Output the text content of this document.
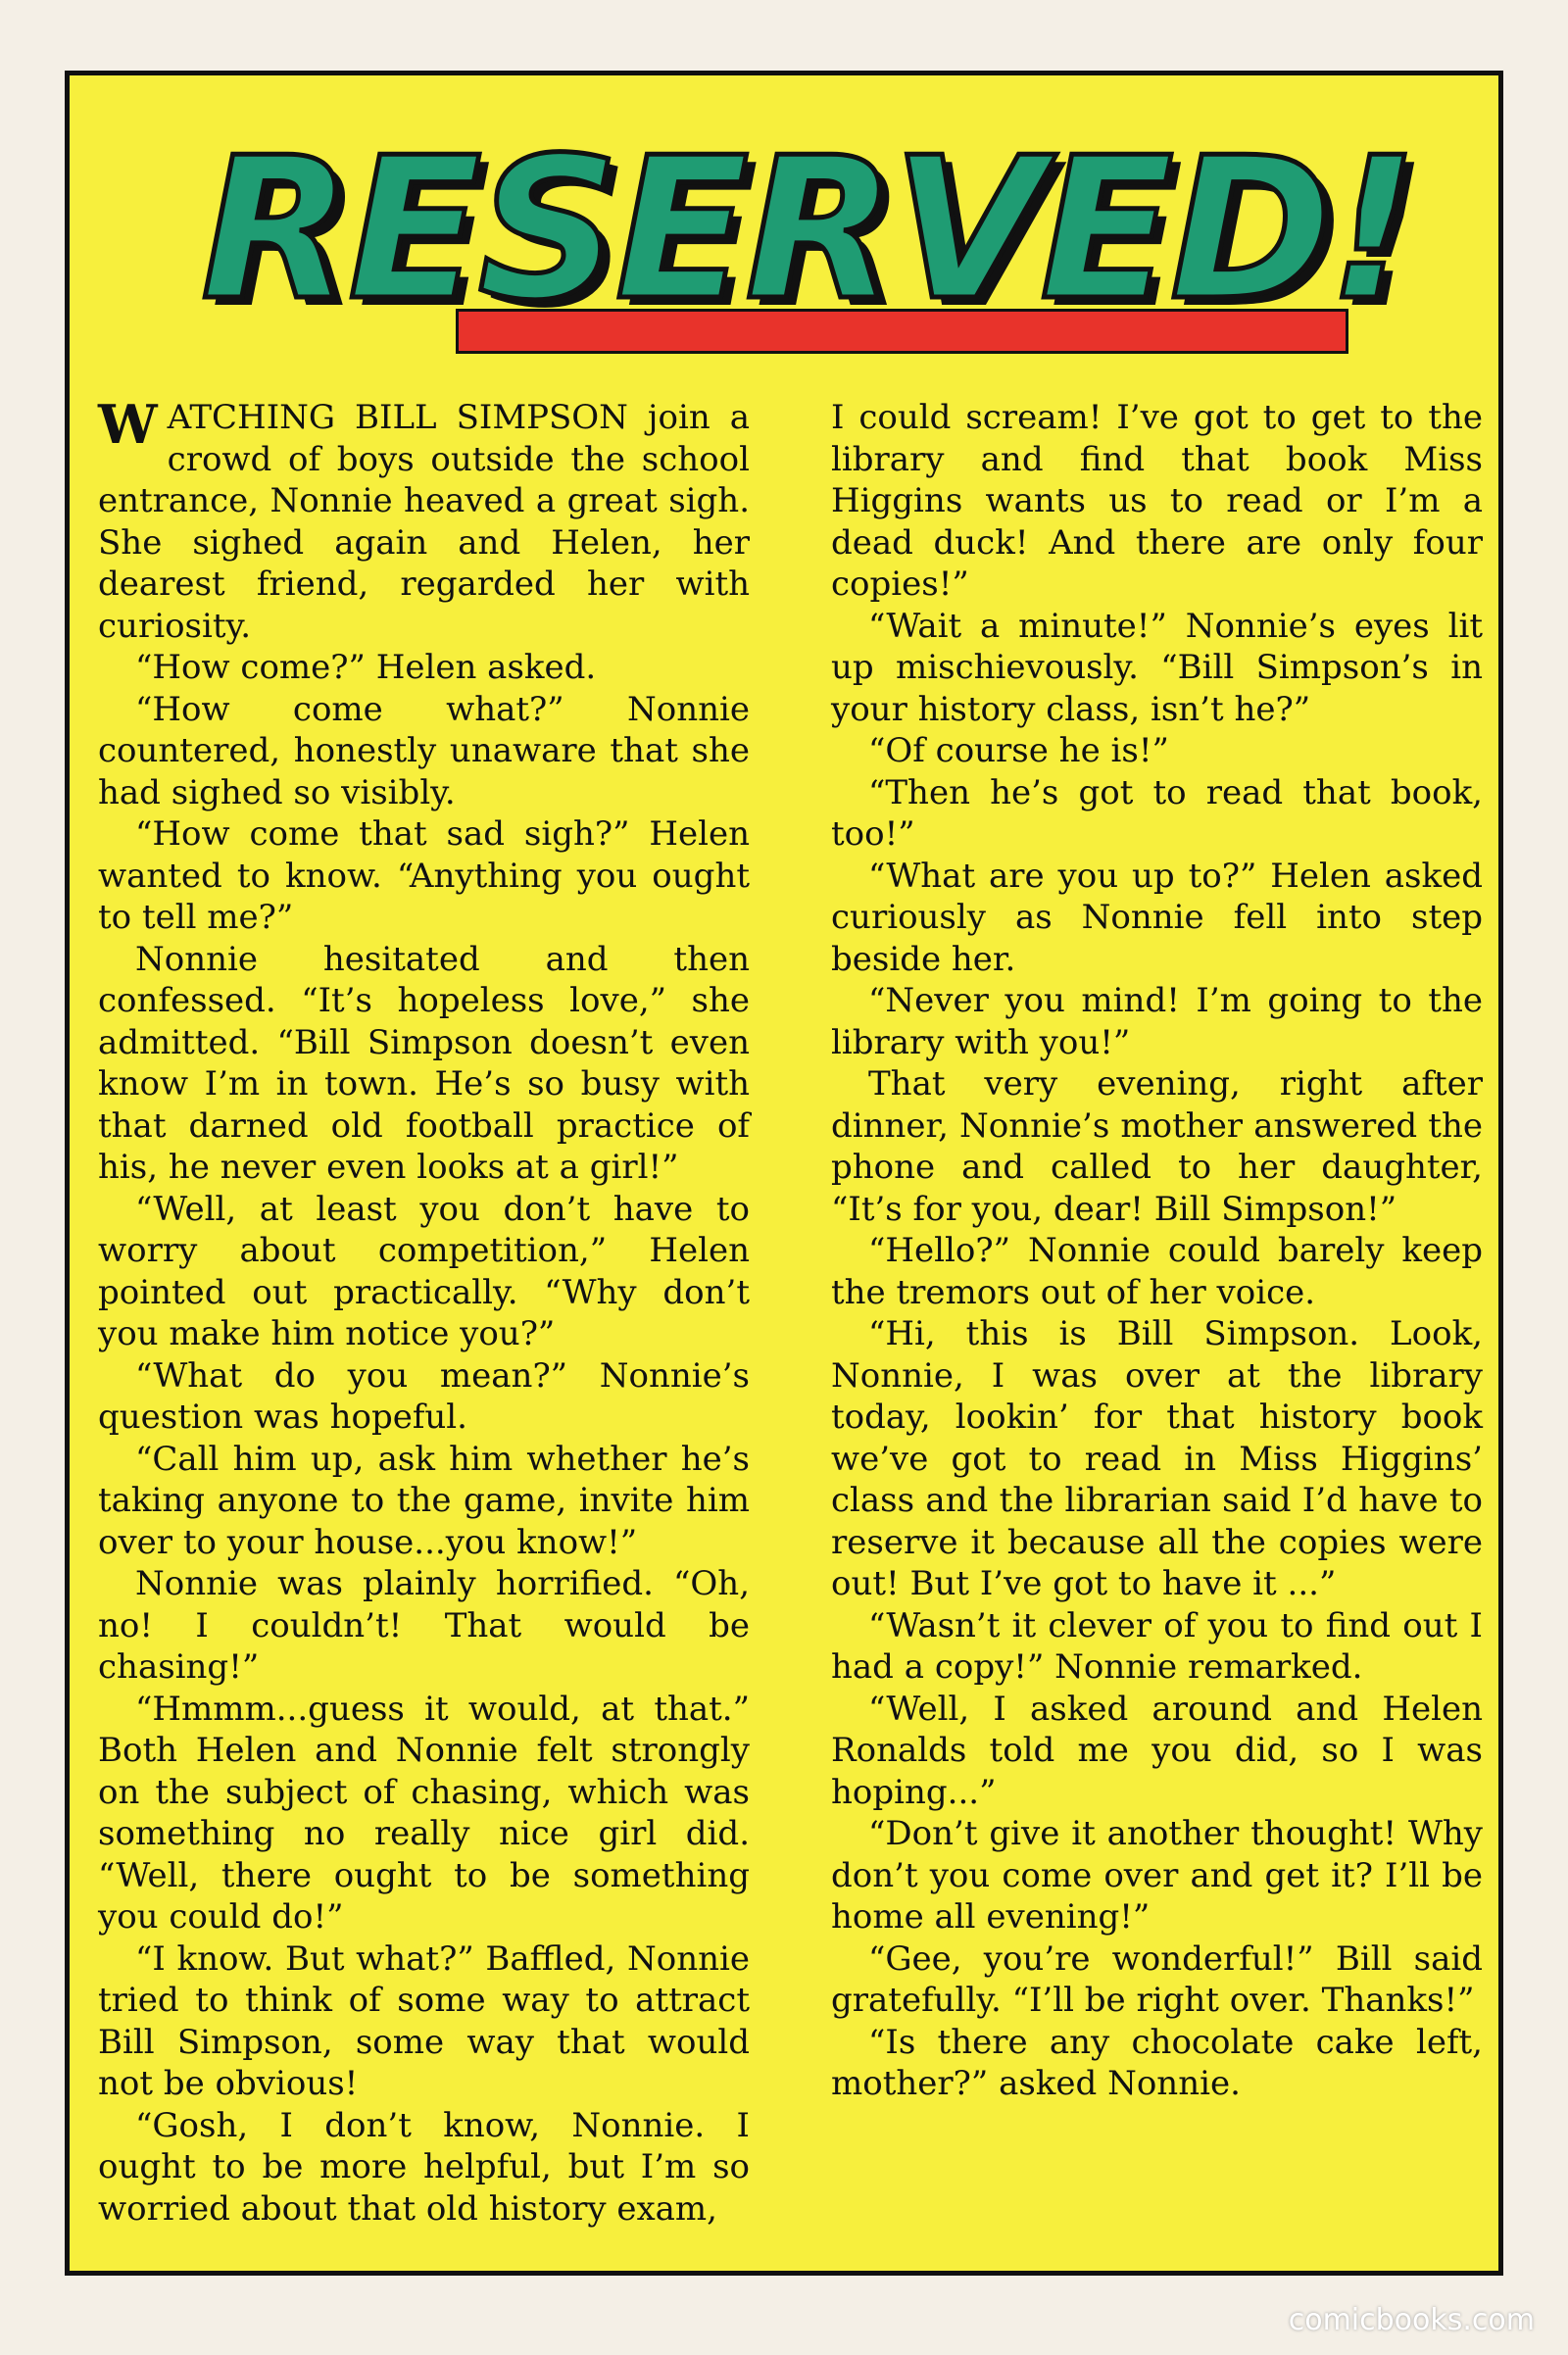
RESERVED!

WATCHING BILL SIMPSON join a crowd of boys outside the school entrance, Nonnie heaved a great sigh. She sighed again and Helen, her dearest friend, regarded her with curiosity.

“How come?” Helen asked.

“How come what?” Nonnie countered, honestly unaware that she had sighed so visibly.

“How come that sad sigh?” Helen wanted to know. “Anything you ought to tell me?”

Nonnie hesitated and then confessed. “It’s hopeless love,” she admitted. “Bill Simpson doesn’t even know I’m in town. He’s so busy with that darned old football practice of his, he never even looks at a girl!”

“Well, at least you don’t have to worry about competition,” Helen pointed out practically. “Why don’t you make him notice you?”

“What do you mean?” Nonnie’s question was hopeful.

“Call him up, ask him whether he’s taking anyone to the game, invite him over to your house...you know!”

Nonnie was plainly horrified. “Oh, no! I couldn’t! That would be chasing!”

“Hmmm...guess it would, at that.” Both Helen and Nonnie felt strongly on the subject of chasing, which was something no really nice girl did. “Well, there ought to be something you could do!”

“I know. But what?” Baffled, Nonnie tried to think of some way to attract Bill Simpson, some way that would not be obvious!

“Gosh, I don’t know, Nonnie. I ought to be more helpful, but I’m so worried about that old history exam,

I could scream! I’ve got to get to the library and find that book Miss Higgins wants us to read or I’m a dead duck! And there are only four copies!”

“Wait a minute!” Nonnie’s eyes lit up mischievously. “Bill Simpson’s in your history class, isn’t he?”

“Of course he is!”

“Then he’s got to read that book, too!”

“What are you up to?” Helen asked curiously as Nonnie fell into step beside her.

“Never you mind! I’m going to the library with you!”

That very evening, right after dinner, Nonnie’s mother answered the phone and called to her daughter, “It’s for you, dear! Bill Simpson!”

“Hello?” Nonnie could barely keep the tremors out of her voice.

“Hi, this is Bill Simpson. Look, Nonnie, I was over at the library today, lookin’ for that history book we’ve got to read in Miss Higgins’ class and the librarian said I’d have to reserve it because all the copies were out! But I’ve got to have it ...”

“Wasn’t it clever of you to find out I had a copy!” Nonnie remarked.

“Well, I asked around and Helen Ronalds told me you did, so I was hoping...”

“Don’t give it another thought! Why don’t you come over and get it? I’ll be home all evening!”

“Gee, you’re wonderful!” Bill said gratefully. “I’ll be right over. Thanks!”

“Is there any chocolate cake left, mother?” asked Nonnie.

comicbooks.com
